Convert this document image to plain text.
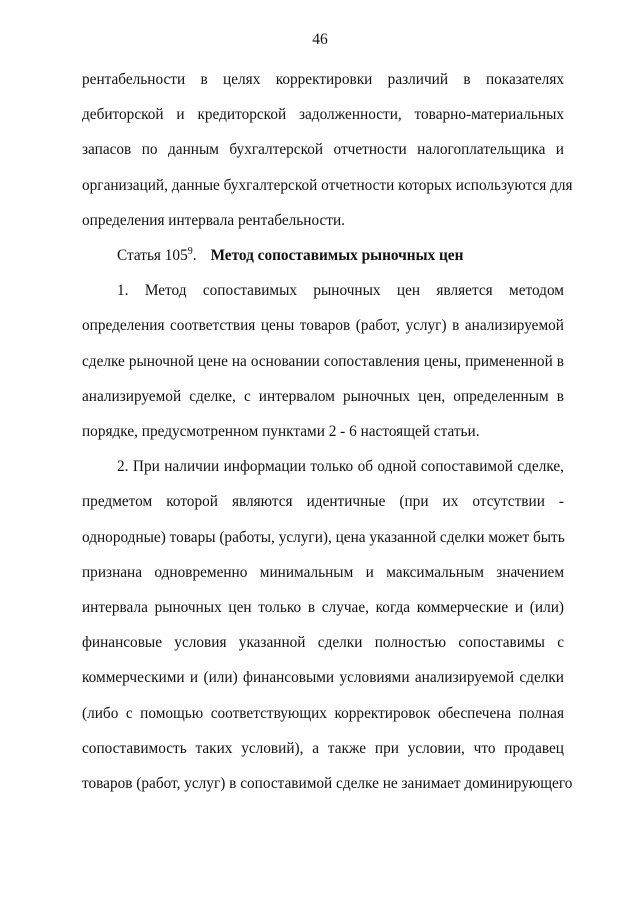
46
рентабельности в целях корректировки различий в показателях
дебиторской и кредиторской задолженности, товарно-материальных
запасов по данным бухгалтерской отчетности налогоплательщика и
организаций, данные бухгалтерской отчетности которых используются для
определения интервала рентабельности.
Статья $105^9$. Метод сопоставимых рыночных цен
1. Метод сопоставимых рыночных цен является методом
определения соответствия цены товаров (работ, услуг) в анализируемой
сделке рыночной цене на основании сопоставления цены, примененной в
анализируемой сделке, с интервалом рыночных цен, определенным в
порядке, предусмотренном пунктами 2 - 6 настоящей статьи.
2. При наличии информации только об одной сопоставимой сделке,
предметом которой являются идентичные (при их отсутствии -
однородные) товары (работы, услуги), цена указанной сделки может быть
признана одновременно минимальным и максимальным значением
интервала рыночных цен только в случае, когда коммерческие и (или)
финансовые условия указанной сделки полностью сопоставимы с
коммерческими и (или) финансовыми условиями анализируемой сделки
(либо с помощью соответствующих корректировок обеспечена полная
сопоставимость таких условий), а также при условии, что продавец
товаров (работ, услуг) в сопоставимой сделке не занимает доминирующего
